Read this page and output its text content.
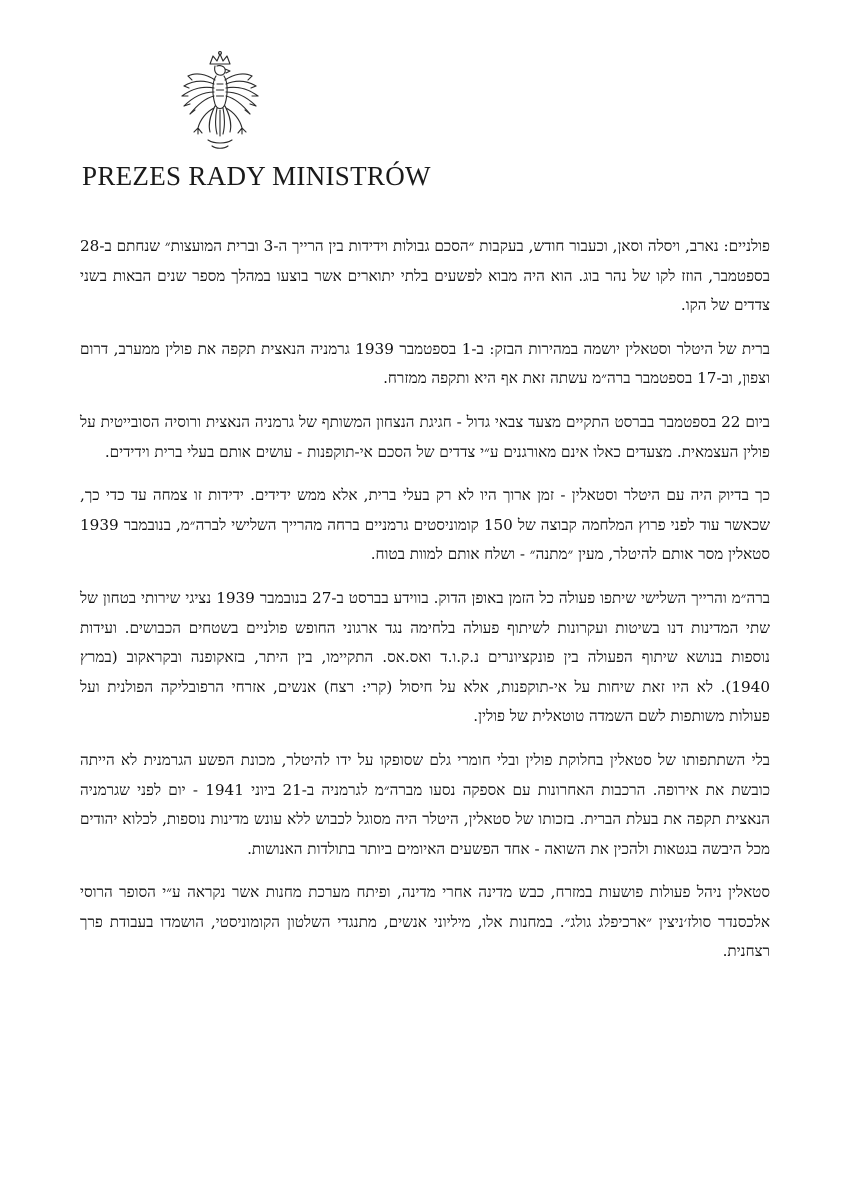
PREZES RADY MINISTRÓW

פולניים: נארב, ויסלה וסאן, וכעבור חודש, בעקבות ״הסכם גבולות וידידות בין הרייך ה-3 וברית המועצות״ שנחתם ב-28 בספטמבר, הוזז לקו של נהר בוג. הוא היה מבוא לפשעים בלתי יתוארים אשר בוצעו במהלך מספר שנים הבאות בשני צדדים של הקו.

ברית של היטלר וסטאלין יושמה במהירות הבזק: ב-1 בספטמבר 1939 גרמניה הנאצית תקפה את פולין ממערב, דרום וצפון, וב-17 בספטמבר ברה״מ עשתה זאת אף היא ותקפה ממזרח.

ביום 22 בספטמבר בברסט התקיים מצעד צבאי גדול - חגיגת הנצחון המשותף של גרמניה הנאצית ורוסיה הסובייטית על פולין העצמאית. מצעדים כאלו אינם מאורגנים ע״י צדדים של הסכם אי-תוקפנות - עושים אותם בעלי ברית וידידים.

כך בדיוק היה עם היטלר וסטאלין - זמן ארוך היו לא רק בעלי ברית, אלא ממש ידידים. ידידות זו צמחה עד כדי כך, שכאשר עוד לפני פרוץ המלחמה קבוצה של 150 קומוניסטים גרמניים ברחה מהרייך השלישי לברה״מ, בנובמבר 1939 סטאלין מסר אותם להיטלר, מעין ״מתנה״ - ושלח אותם למוות בטוח.

ברה״מ והרייך השלישי שיתפו פעולה כל הזמן באופן הדוק. בווידע בברסט ב-27 בנובמבר 1939 נציגי שירותי בטחון של שתי המדינות דנו בשיטות ועקרונות לשיתוף פעולה בלחימה נגד ארגוני החופש פולניים בשטחים הכבושים. ועידות נוספות בנושא שיתוף הפעולה בין פונקציונרים נ.ק.ו.ד ואס.אס. התקיימו, בין היתר, בזאקופנה ובקראקוב (במרץ 1940). לא היו זאת שיחות על אי-תוקפנות, אלא על חיסול (קרי: רצח) אנשים, אזרחי הרפובליקה הפולנית ועל פעולות משותפות לשם השמדה טוטאלית של פולין.

בלי השתתפותו של סטאלין בחלוקת פולין ובלי חומרי גלם שסופקו על ידו להיטלר, מכונת הפשע הגרמנית לא הייתה כובשת את אירופה. הרכבות האחרונות עם אספקה נסעו מברה״מ לגרמניה ב-21 ביוני 1941 - יום לפני שגרמניה הנאצית תקפה את בעלת הברית. בזכותו של סטאלין, היטלר היה מסוגל לכבוש ללא עונש מדינות נוספות, לכלוא יהודים מכל היבשה בגטאות ולהכין את השואה - אחד הפשעים האיומים ביותר בתולדות האנושות.

סטאלין ניהל פעולות פושעות במזרח, כבש מדינה אחרי מדינה, ופיתח מערכת מחנות אשר נקראה ע״י הסופר הרוסי אלכסנדר סולז׳ניצין ״ארכיפלג גולג״. במחנות אלו, מיליוני אנשים, מתנגדי השלטון הקומוניסטי, הושמדו בעבודת פרך רצחנית.
